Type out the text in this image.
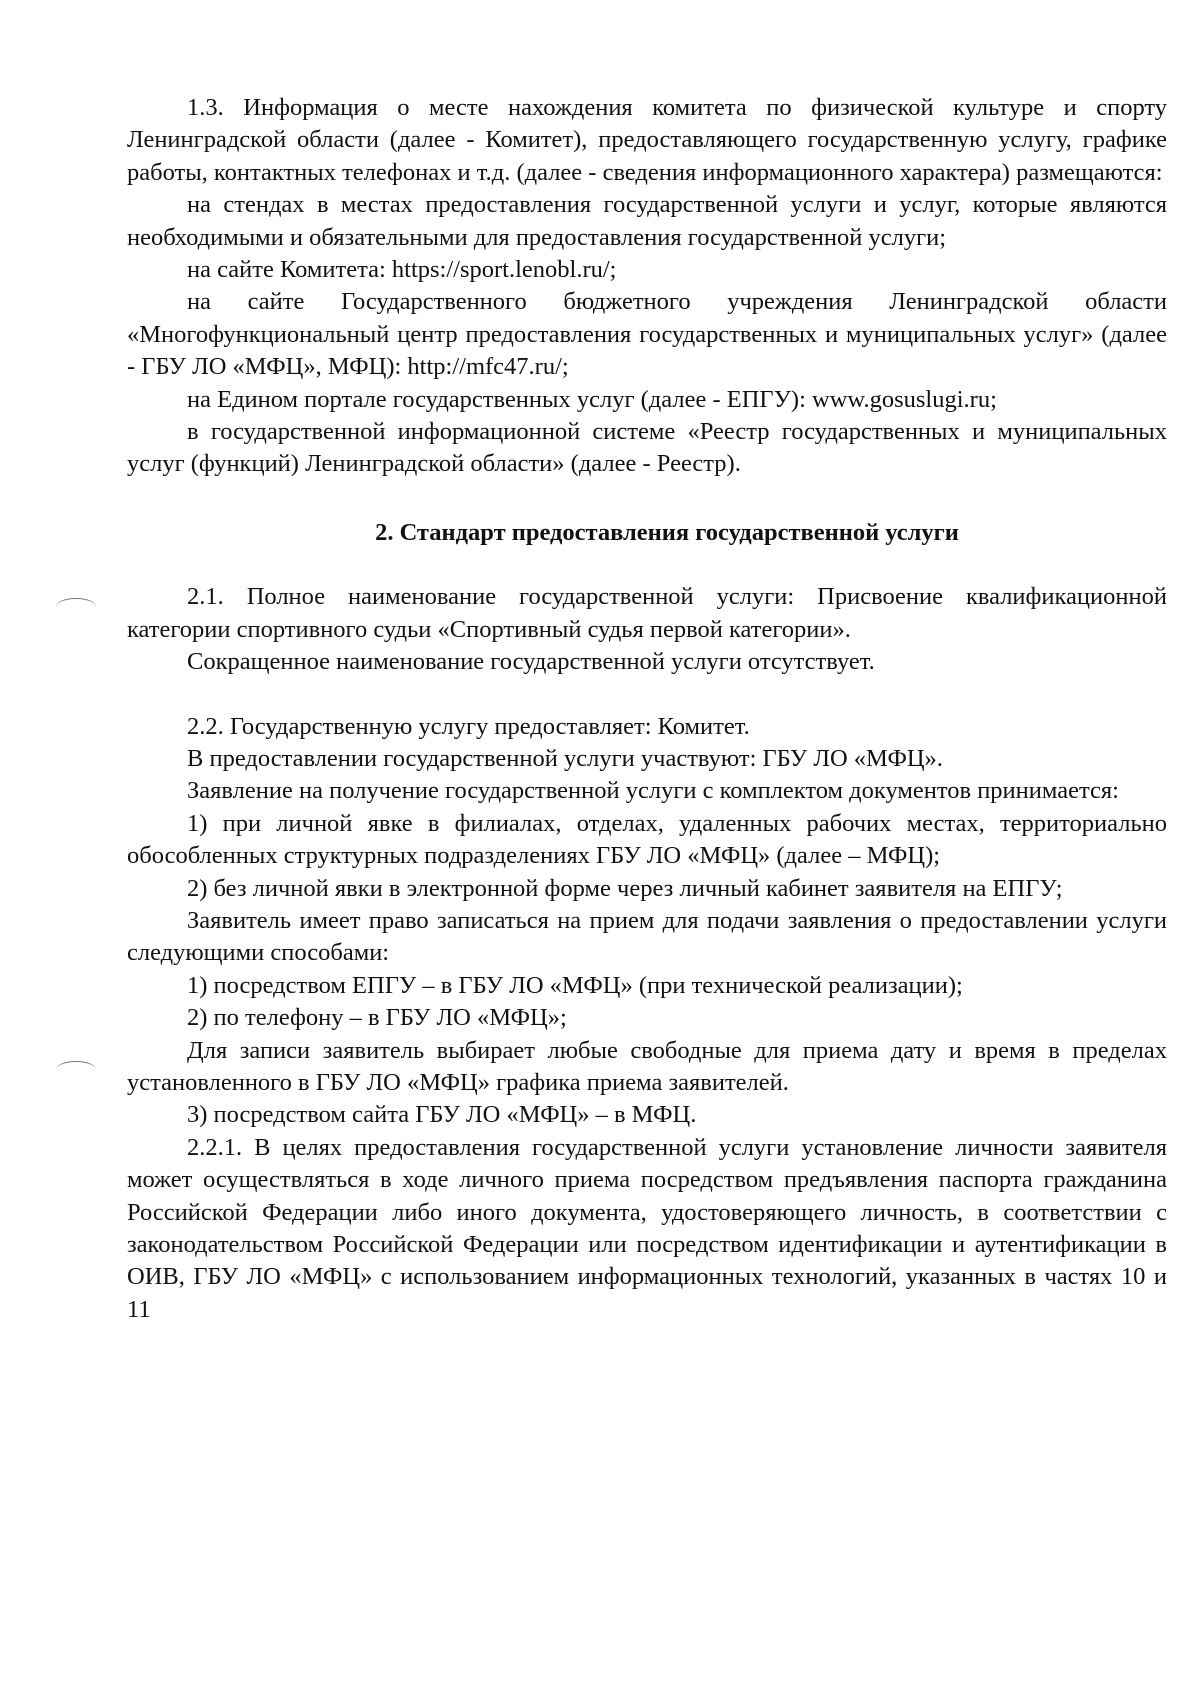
1.3. Информация о месте нахождения комитета по физической культуре и спорту Ленинградской области (далее - Комитет), предоставляющего государственную услугу, графике работы, контактных телефонах и т.д. (далее - сведения информационного характера) размещаются:

на стендах в местах предоставления государственной услуги и услуг, которые являются необходимыми и обязательными для предоставления государственной услуги;

на сайте Комитета: https://sport.lenobl.ru/;

на сайте Государственного бюджетного учреждения Ленинградской области «Многофункциональный центр предоставления государственных и муниципальных услуг» (далее - ГБУ ЛО «МФЦ», МФЦ): http://mfc47.ru/;

на Едином портале государственных услуг (далее - ЕПГУ): www.gosuslugi.ru;

в государственной информационной системе «Реестр государственных и муниципальных услуг (функций) Ленинградской области» (далее - Реестр).

2. Стандарт предоставления государственной услуги

2.1. Полное наименование государственной услуги: Присвоение квалификационной категории спортивного судьи «Спортивный судья первой категории».

Сокращенное наименование государственной услуги отсутствует.

2.2. Государственную услугу предоставляет: Комитет.

В предоставлении государственной услуги участвуют: ГБУ ЛО «МФЦ».

Заявление на получение государственной услуги с комплектом документов принимается:

1) при личной явке в филиалах, отделах, удаленных рабочих местах, территориально обособленных структурных подразделениях ГБУ ЛО «МФЦ» (далее – МФЦ);

2) без личной явки в электронной форме через личный кабинет заявителя на ЕПГУ;

Заявитель имеет право записаться на прием для подачи заявления о предоставлении услуги следующими способами:

1) посредством ЕПГУ – в ГБУ ЛО «МФЦ» (при технической реализации);

2) по телефону – в ГБУ ЛО «МФЦ»;

Для записи заявитель выбирает любые свободные для приема дату и время в пределах установленного в ГБУ ЛО «МФЦ» графика приема заявителей.

3) посредством сайта ГБУ ЛО «МФЦ» – в МФЦ.

2.2.1. В целях предоставления государственной услуги установление личности заявителя может осуществляться в ходе личного приема посредством предъявления паспорта гражданина Российской Федерации либо иного документа, удостоверяющего личность, в соответствии с законодательством Российской Федерации или посредством идентификации и аутентификации в ОИВ, ГБУ ЛО «МФЦ» с использованием информационных технологий, указанных в частях 10 и 11
